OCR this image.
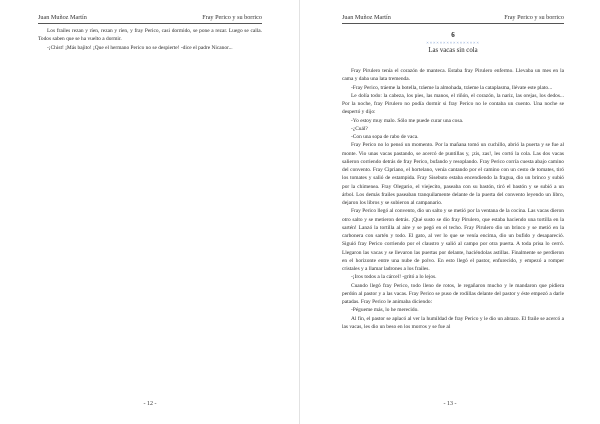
Juan Muñoz Martín	Fray Perico y su borrico

Los frailes rezan y ríen, rezan y ríen, y fray Perico, casi dormido, se pone a rezar. Luego se calla. Todos saben que se ha vuelto a dormir.

-¡Chist! ¡Más bajito! ¡Que el hermano Perico no se despierte! -dice el padre Nicanor...

- 12 -
Juan Muñoz Martín	Fray Perico y su borrico
6
××××××××××××××××
Las vacas sin cola

Fray Pirulero tenía el corazón de manteca. Estaba fray Pirulero enfermo. Llevaba un mes en la cama y daba una lata tremenda.

-Fray Perico, tráeme la botella, tráeme la almohada, tráeme la cataplasma, llévate este plato...

Le dolía todo: la cabeza, los pies, las manos, el riñón, el corazón, la nariz, las orejas, los dedos... Por la noche, fray Pirulero no podía dormir si fray Perico no le contaba un cuento. Una noche se despertó y dijo:

-Yo estoy muy malo. Sólo me puede curar una cosa.

-¿Cuál?

-Con una sopa de rabo de vaca.

Fray Perico no lo pensó un momento. Por la mañana tomó un cuchillo, abrió la puerta y se fue al monte. Vio unas vacas pastando, se acercó de puntillas y, ¡zis, zas!, les cortó la cola. Las dos vacas salieron corriendo detrás de fray Perico, bufando y resoplando. Fray Perico corría cuesta abajo camino del convento. Fray Cipriano, el hortelano, venía cantando por el camino con un cesto de tomates, tiró los tomates y salió de estampida. Fray Sisebuto estaba encendiendo la fragua, dio un brinco y subió por la chimenea. Fray Olegario, el viejecito, paseaba con su bastón, tiró el bastón y se subió a un árbol. Los demás frailes paseaban tranquilamente delante de la puerta del convento leyendo un libro, dejaron los libros y se subieron al campanario.

Fray Perico llegó al convento, dio un salto y se metió por la ventana de la cocina. Las vacas dieron otro salto y se metieron detrás. ¡Qué susto se dio fray Pirulero, que estaba haciendo una tortilla en la sartén! Lanzó la tortilla al aire y se pegó en el techo. Fray Pirulero dio un brinco y se metió en la carbonera con sartén y todo. El gato, al ver lo que se venía encima, dio un bufido y desapareció. Siguió fray Perico corriendo por el claustro y salió al campo por otra puerta. A toda prisa lo cerró. Llegaron las vacas y se llevaron las puertas por delante, haciéndolas astillas. Finalmente se perdieron en el horizonte entre una nube de polvo. En esto llegó el pastor, enfurecido, y empezó a romper cristales y a llamar ladrones a los frailes.

-¡Iros todos a la cárcel! -gritó a lo lejos.

Cuando llegó fray Perico, todo lleno de rotos, le regañaron mucho y le mandaron que pidiera perdón al pastor y a las vacas. Fray Perico se puso de rodillas delante del pastor y éste empezó a darle patadas. Fray Perico le animaba diciendo:

-Pégueme más, lo he merecido.

Al fin, el pastor se aplacó al ver la humildad de fray Perico y le dio un abrazo. El fraile se acercó a las vacas, les dio un beso en los morros y se fue al

- 13 -
